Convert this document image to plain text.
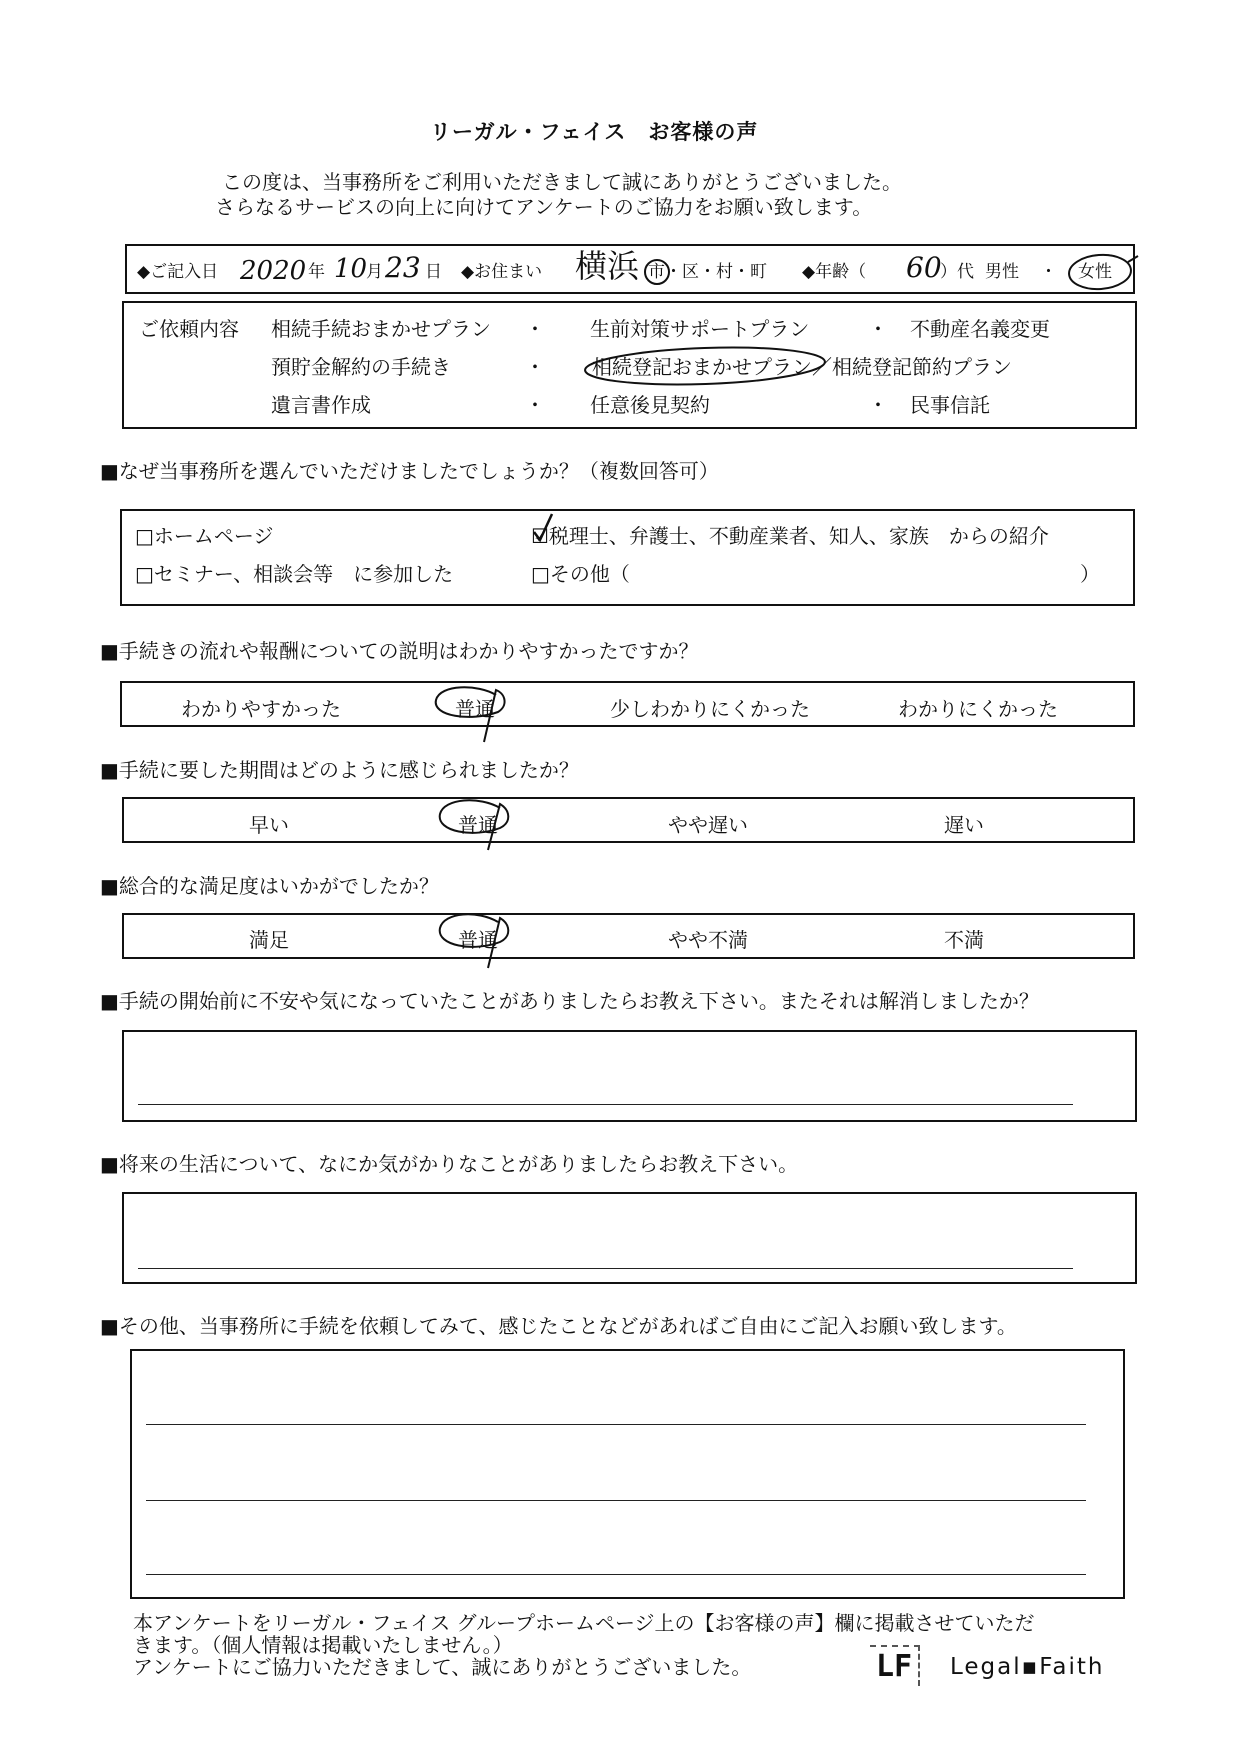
リーガル・フェイス　お客様の声
この度は、当事務所をご利用いただきまして誠にありがとうございました。
さらなるサービスの向上に向けてアンケートのご協力をお願い致します。
◆ご記入日 2020 年 10
月 23 日 ◆お住まい 横浜 市・区・村・町 ◆年齢（ 60
）代 男性 ・ 女性
ご依頼内容 相続手続おまかせプラン ・ 生前対策サポートプラン	・ 不動産名義変更
預貯金解約の手続き	・ 相続登記おまかせプラン／相続登記節約プラン
遺言書作成	・ 任意後見契約	・ 民事信託
■なぜ当事務所を選んでいただけましたでしょうか？（複数回答可）
□ホームページ	☑税理士、弁護士、不動産業者、知人、家族　からの紹介
□セミナー、相談会等　に参加した	□その他（	）
■手続きの流れや報酬についての説明はわかりやすかったですか？
わかりやすかった	普通	少しわかりにくかった	わかりにくかった
■手続に要した期間はどのように感じられましたか？
早い	普通	やや遅い	遅い
■総合的な満足度はいかがでしたか？
満足	普通	やや不満	不満
■手続の開始前に不安や気になっていたことがありましたらお教え下さい。またそれは解消しましたか？
■将来の生活について、なにか気がかりなことがありましたらお教え下さい。
■その他、当事務所に手続を依頼してみて、感じたことなどがあればご自由にご記入お願い致します。
本アンケートをリーガル・フェイス グループホームページ上の【お客様の声】欄に掲載させていただ
きます。（個人情報は掲載いたしません。）
アンケートにご協力いただきまして、誠にありがとうございました。	LF	Legal▪Faith
